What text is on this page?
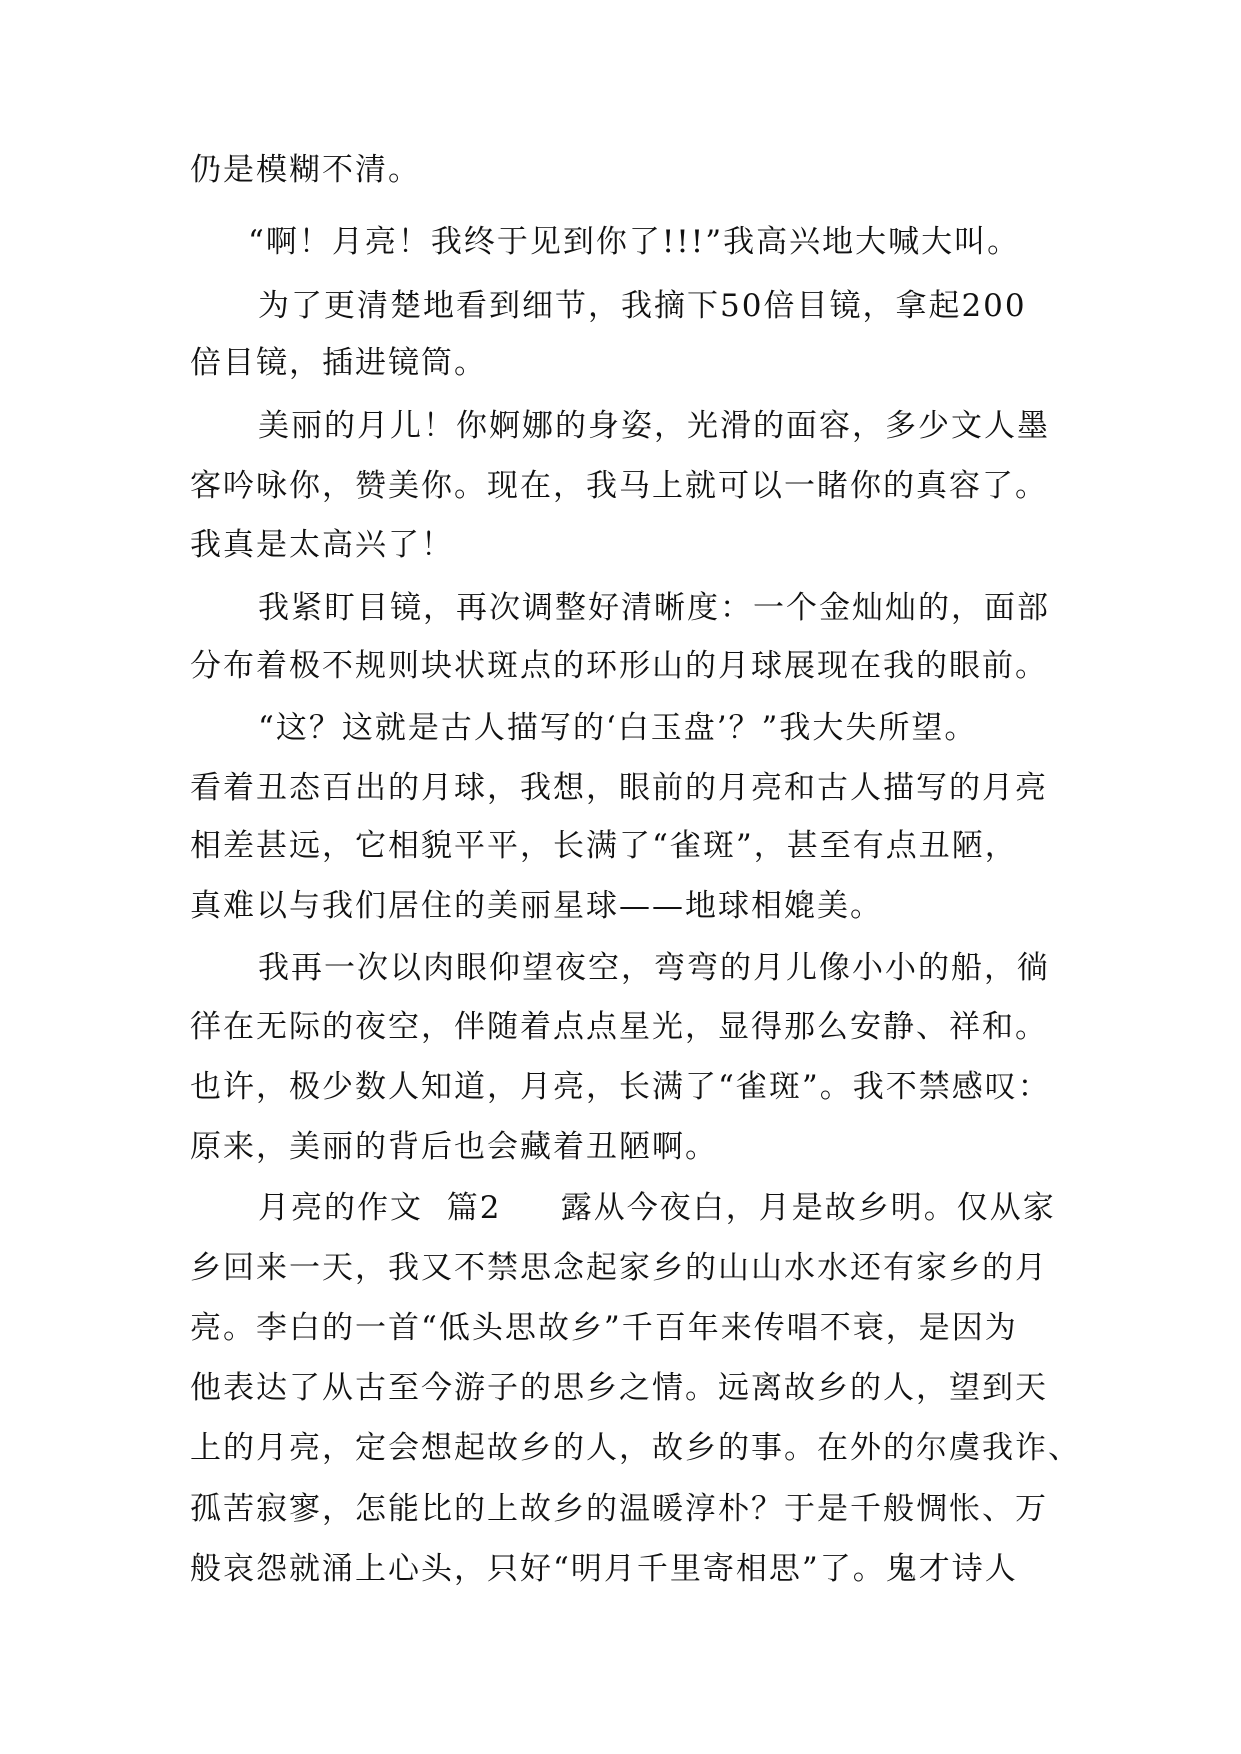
仍是模糊不清。
“啊！月亮！我终于见到你了!!!”我高兴地大喊大叫。
为了更清楚地看到细节，我摘下50倍目镜，拿起200
倍目镜，插进镜筒。
美丽的月儿！你婀娜的身姿，光滑的面容，多少文人墨
客吟咏你，赞美你。现在，我马上就可以一睹你的真容了。
我真是太高兴了！
我紧盯目镜，再次调整好清晰度：一个金灿灿的，面部
分布着极不规则块状斑点的环形山的月球展现在我的眼前。
“这？这就是古人描写的‘白玉盘’？”我大失所望。
看着丑态百出的月球，我想，眼前的月亮和古人描写的月亮
相差甚远，它相貌平平，长满了“雀斑”，甚至有点丑陋，
真难以与我们居住的美丽星球——地球相媲美。
我再一次以肉眼仰望夜空，弯弯的月儿像小小的船，徜
徉在无际的夜空，伴随着点点星光，显得那么安静、祥和。
也许，极少数人知道，月亮，长满了“雀斑”。我不禁感叹：
原来，美丽的背后也会藏着丑陋啊。
月亮的作文  篇2     露从今夜白，月是故乡明。仅从家
乡回来一天，我又不禁思念起家乡的山山水水还有家乡的月
亮。李白的一首“低头思故乡”千百年来传唱不衰，是因为
他表达了从古至今游子的思乡之情。远离故乡的人，望到天
上的月亮，定会想起故乡的人，故乡的事。在外的尔虞我诈、
孤苦寂寥，怎能比的上故乡的温暖淳朴？于是千般惆怅、万
般哀怨就涌上心头，只好“明月千里寄相思”了。鬼才诗人
